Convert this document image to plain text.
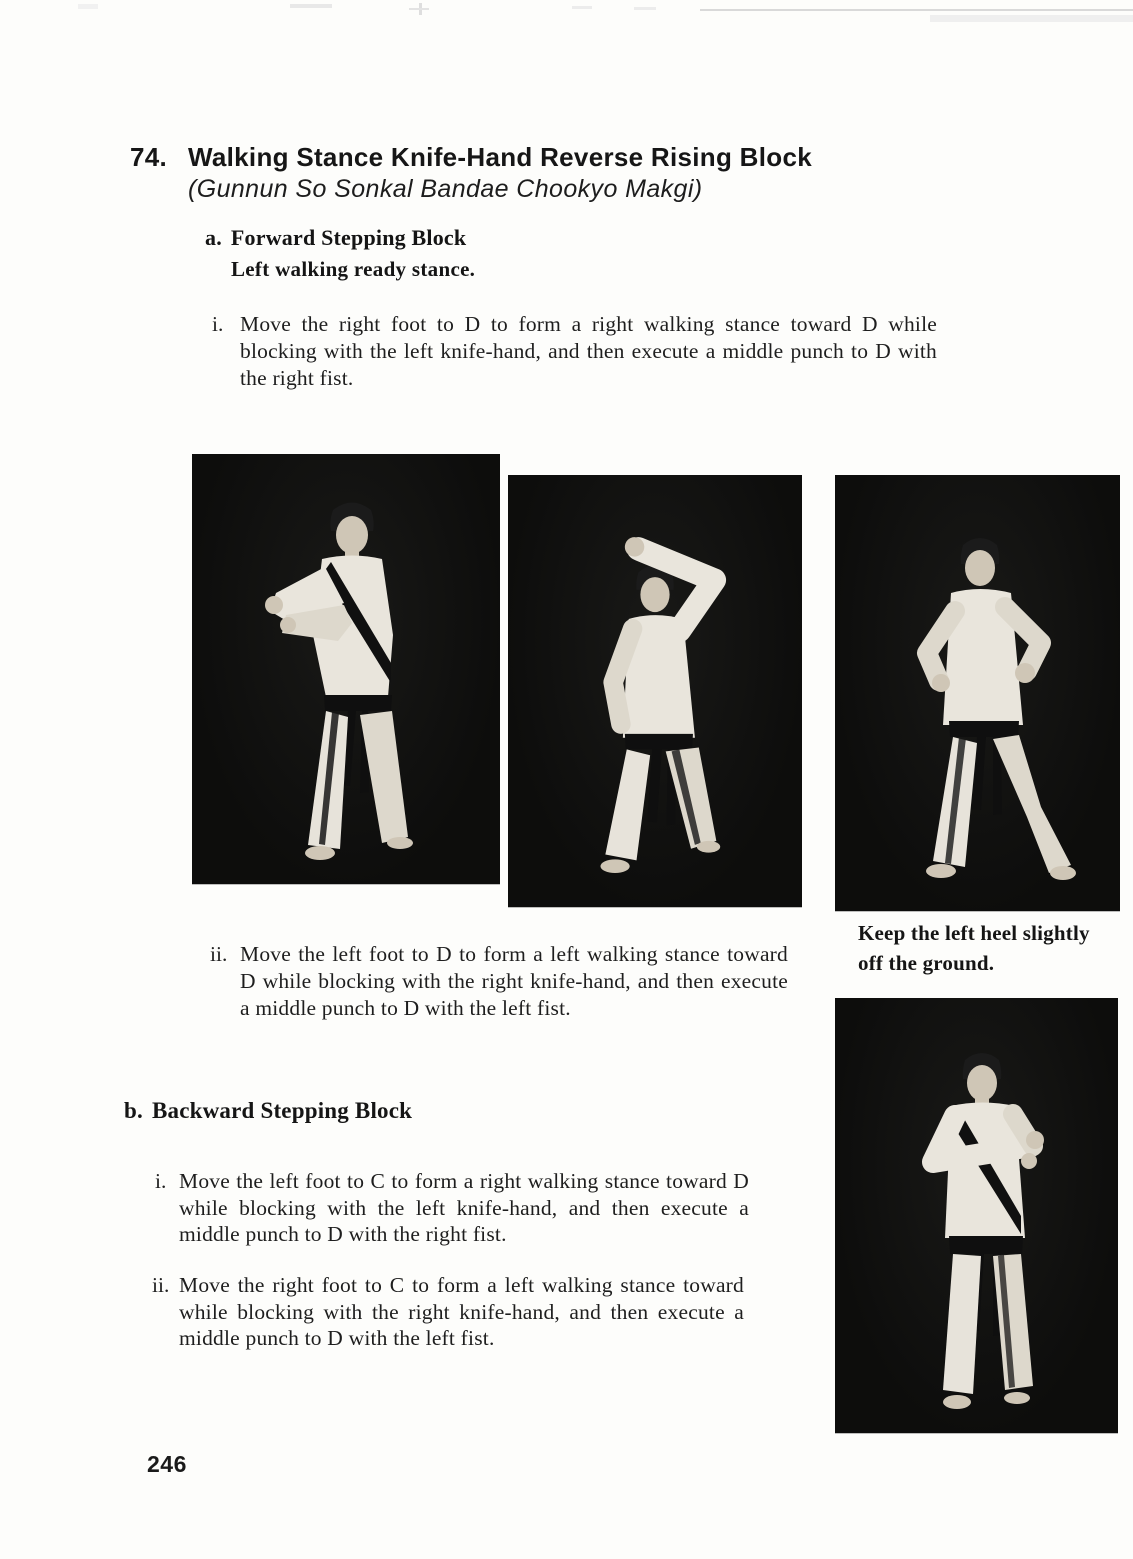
74. Walking Stance Knife-Hand Reverse Rising Block
(Gunnun So Sonkal Bandae Chookyo Makgi)
a. Forward Stepping Block
Left walking ready stance.
i. Move the right foot to D to form a right walking stance toward D while blocking with the left knife-hand, and then execute a middle punch to D with the right fist.
Keep the left heel slightly off the ground.
ii. Move the left foot to D to form a left walking stance toward D while blocking with the right knife-hand, and then execute a middle punch to D with the left fist.
b. Backward Stepping Block
i. Move the left foot to C to form a right walking stance toward D while blocking with the left knife-hand, and then execute a middle punch to D with the right fist.
ii. Move the right foot to C to form a left walking stance toward while blocking with the right knife-hand, and then execute a middle punch to D with the left fist.
246
